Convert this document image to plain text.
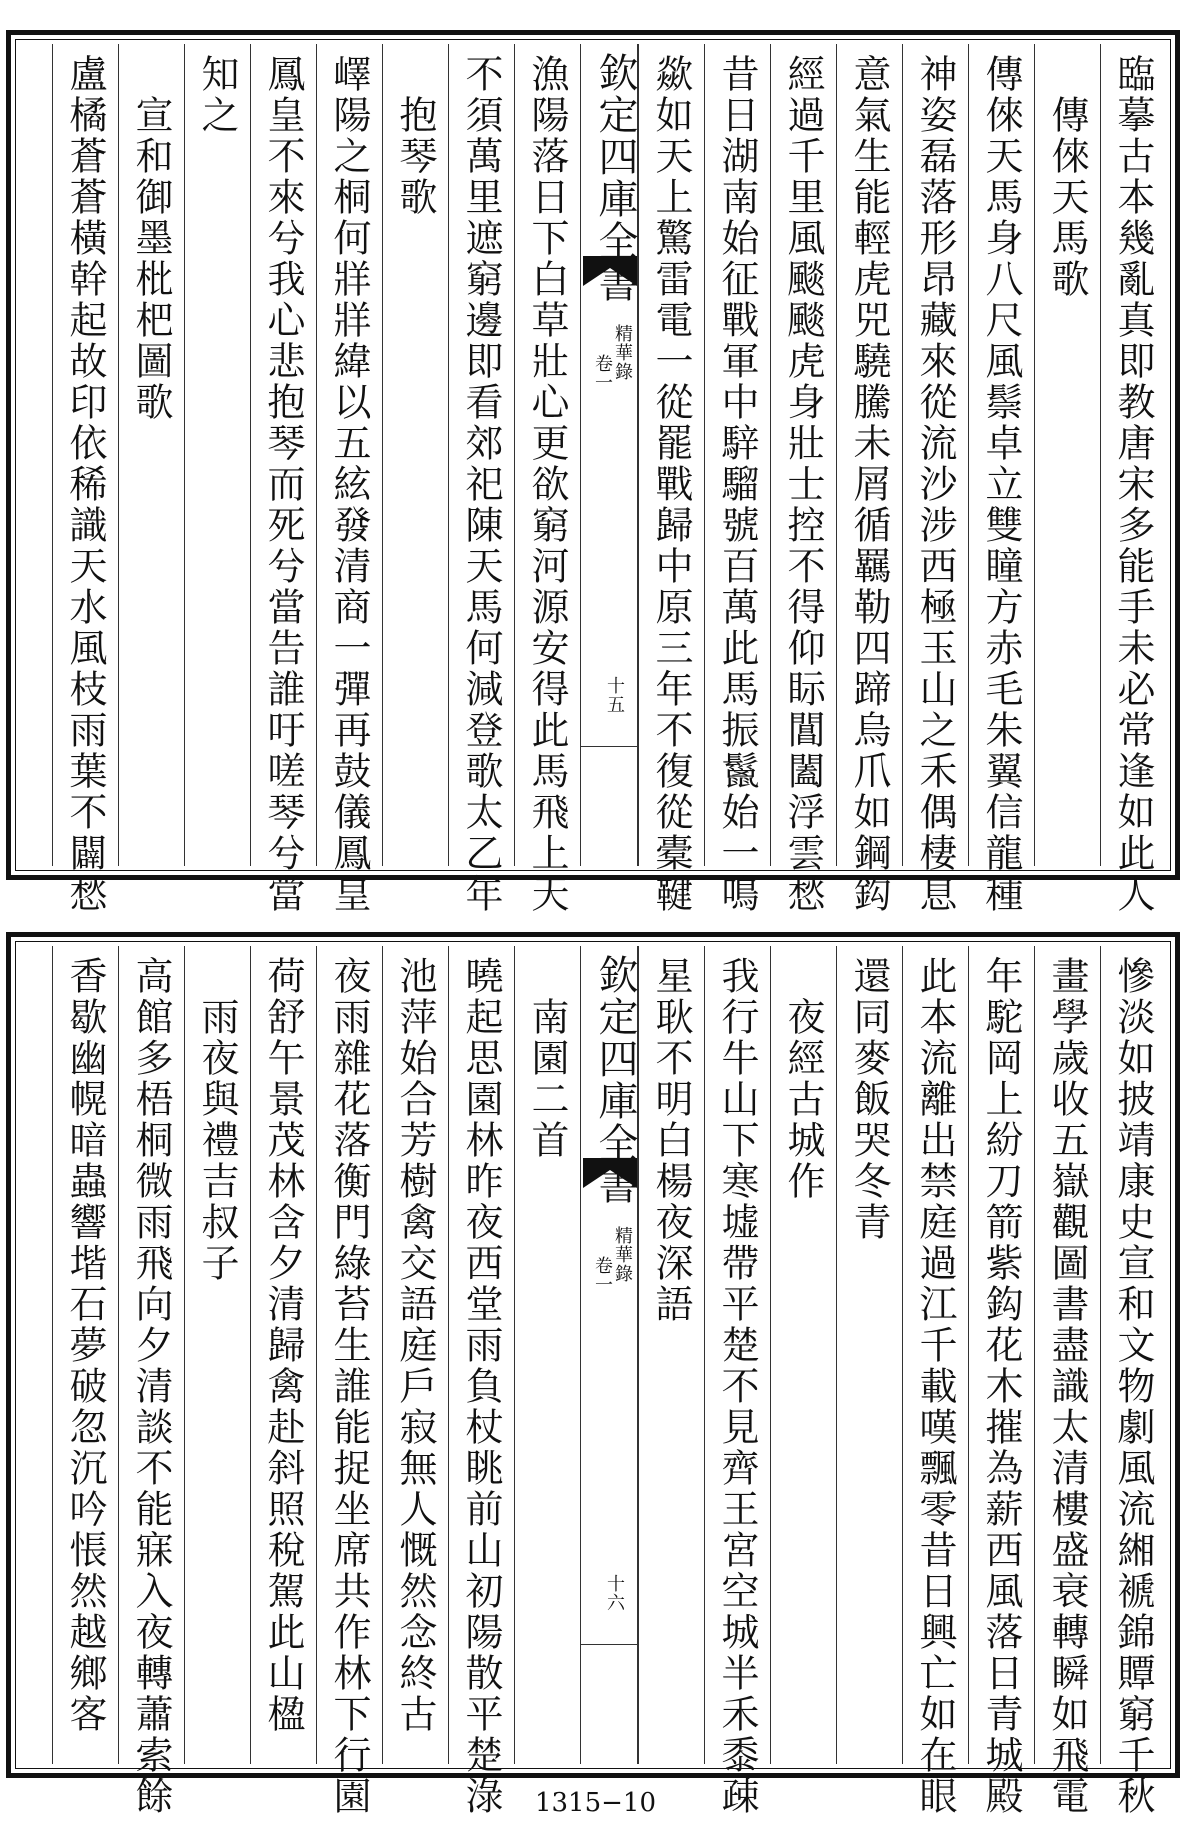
臨摹古本幾亂真即教唐宋多能手未必常逢如此人
　傳倈天馬歌
傳倈天馬身八尺風鬃卓立雙瞳方赤毛朱翼信龍種
神姿磊落形昂藏來從流沙涉西極玉山之禾偶棲息
意氣生能輕虎兕驍騰未屑循羈勒四蹄烏爪如鋼鈎
經過千里風颷颷虎身壯士控不得仰眎閶闔浮雲愁
昔日湖南始征戰軍中騂騮號百萬此馬振鬣始一鳴
歘如天上驚雷電一從罷戰歸中原三年不復從橐鞬
欽定四庫全書
精華錄
卷一
十五
漁陽落日下白草壯心更欲窮河源安得此馬飛上天
不須萬里遮窮邊即看郊祀陳天馬何減登歌太乙年
　抱琴歌
嶧陽之桐何牂牂緯以五絃發清商一彈再鼓儀鳳皇
鳳皇不來兮我心悲抱琴而死兮當告誰吁嗟琴兮當
知之
　宣和御墨枇杷圖歌
盧橘蒼蒼橫幹起故印依稀識天水風枝雨葉不闢愁
慘淡如披靖康史宣和文物劇風流緗褫錦贉窮千秋
畫學歲收五嶽觀圖書盡識太清樓盛衰轉瞬如飛電
年駝岡上紛刀箭紫鈎花木摧為薪西風落日青城殿
此本流離出禁庭過江千載嘆飄零昔日興亡如在眼
還同麥飯哭冬青
　夜經古城作
我行牛山下寒墟帶平楚不見齊王宮空城半禾黍疎
星耿不明白楊夜深語
欽定四庫全書
精華錄
卷一
十六
　南園二首
曉起思園林昨夜西堂雨負杖眺前山初陽散平楚淥
池萍始合芳樹禽交語庭戶寂無人慨然念終古
夜雨雜花落衡門綠苔生誰能捉坐席共作林下行園
荷舒午景茂林含夕清歸禽赴斜照稅駕此山楹
　雨夜與禮吉叔子
高館多梧桐微雨飛向夕清談不能寐入夜轉蕭索餘
香歇幽幌暗蟲響堦石夢破忽沉吟悵然越鄉客
1315−10
